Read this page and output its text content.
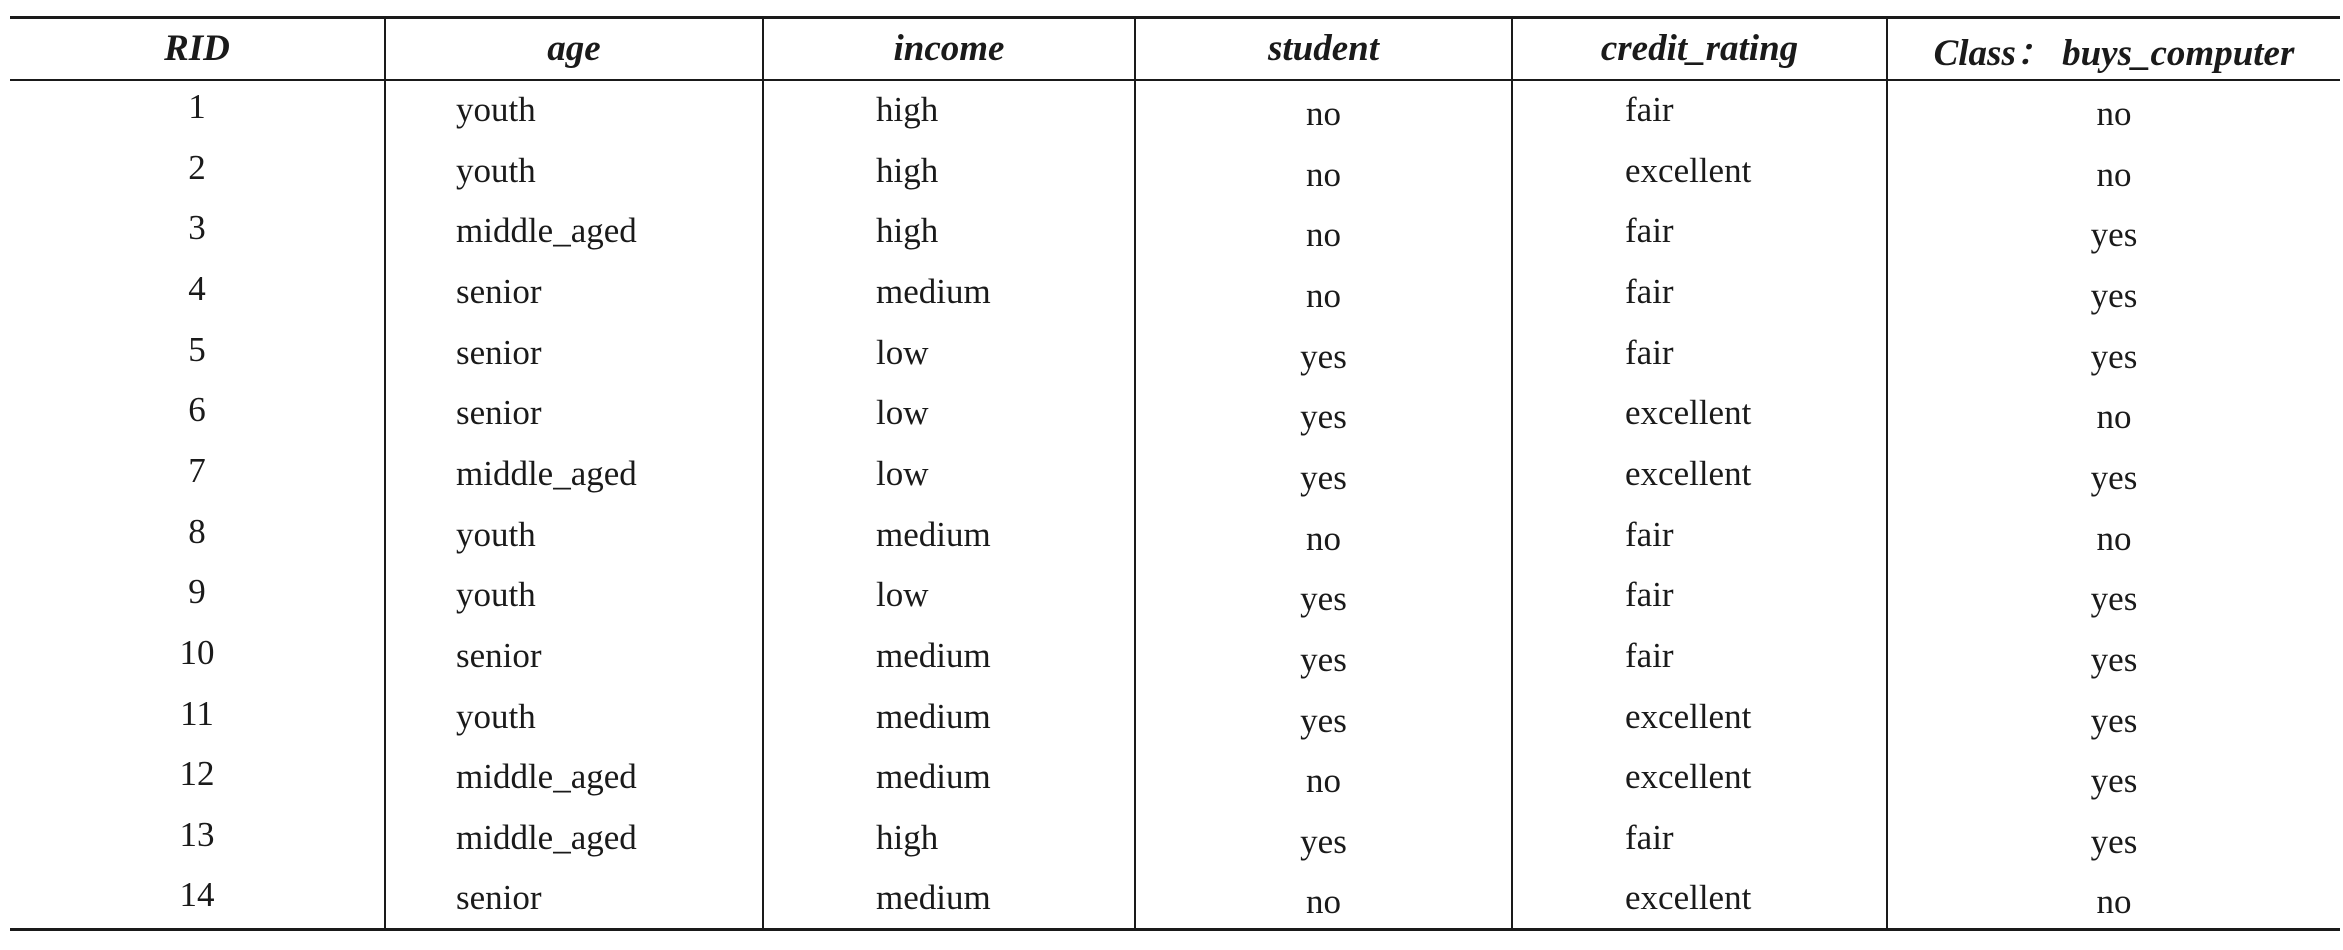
RID	age	income	student	credit_rating	Class： buys_computer
1	youth	high	no	fair	no
2	youth	high	no	excellent	no
3	middle_aged	high	no	fair	yes
4	senior	medium	no	fair	yes
5	senior	low	yes	fair	yes
6	senior	low	yes	excellent	no
7	middle_aged	low	yes	excellent	yes
8	youth	medium	no	fair	no
9	youth	low	yes	fair	yes
10	senior	medium	yes	fair	yes
11	youth	medium	yes	excellent	yes
12	middle_aged	medium	no	excellent	yes
13	middle_aged	high	yes	fair	yes
14	senior	medium	no	excellent	no
